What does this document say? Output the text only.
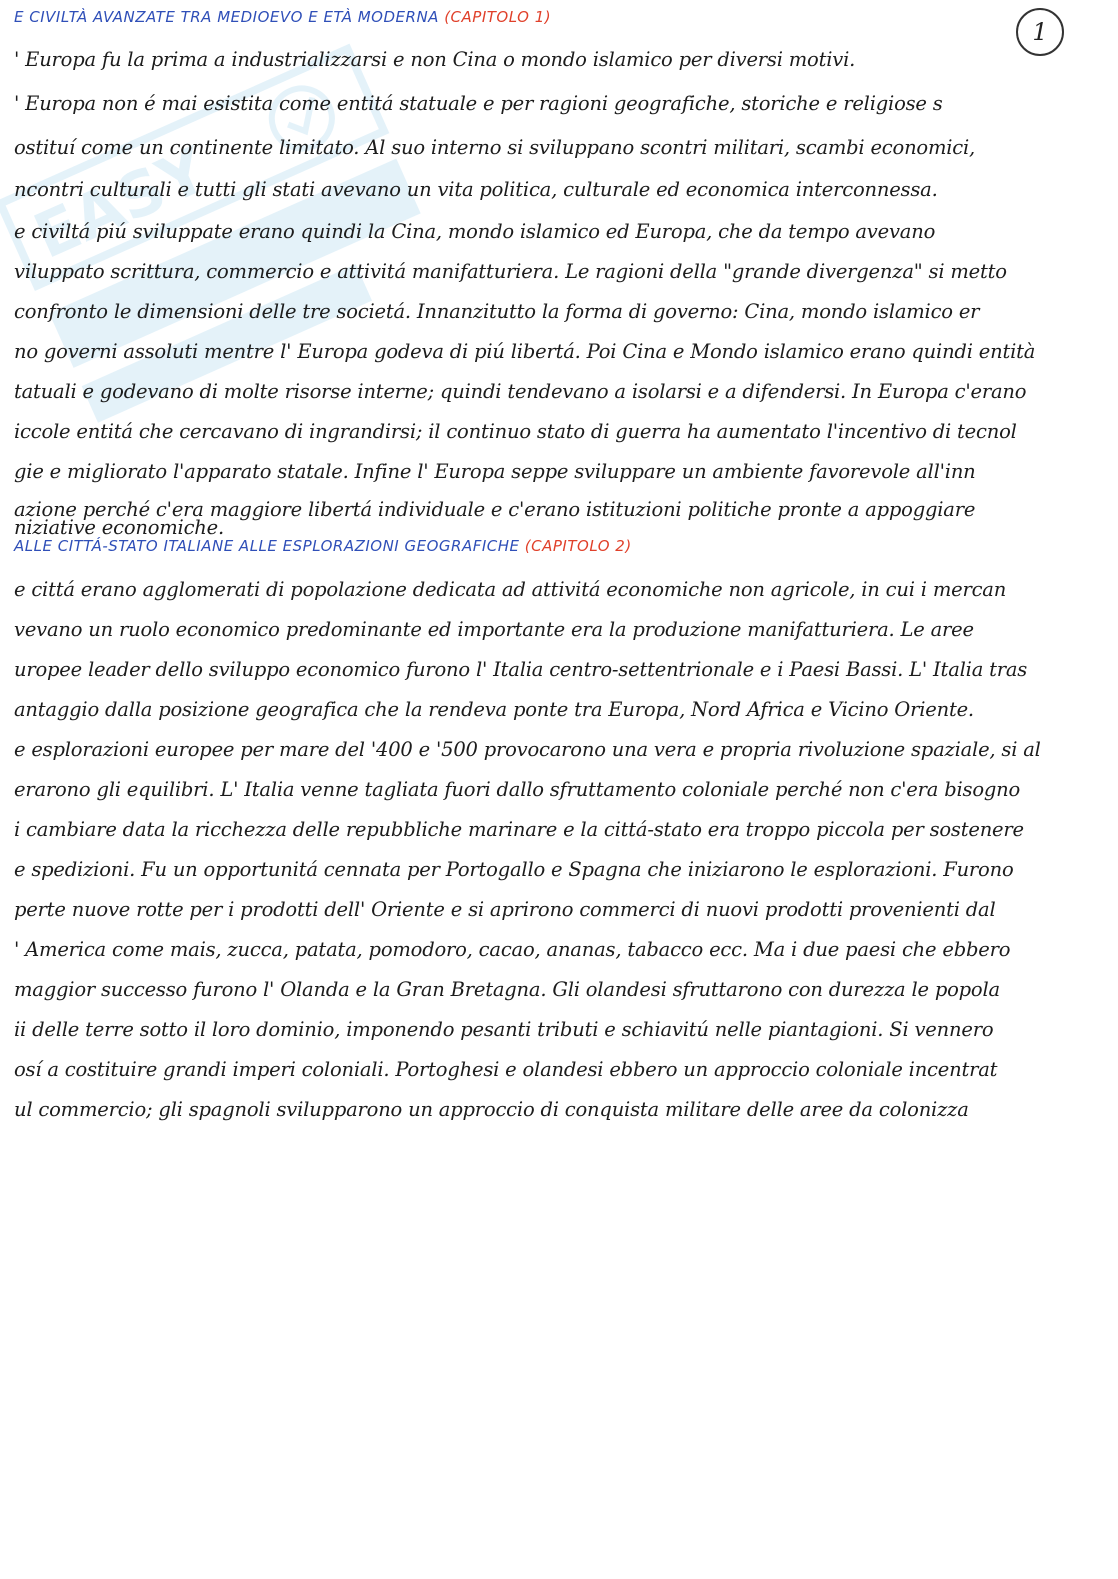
EASY
1
E CIVILTÀ AVANZATE TRA MEDIOEVO E ETÀ MODERNA (CAPITOLO 1)
' Europa fu la prima a industrializzarsi e non Cina o mondo islamico per diversi motivi.
' Europa non é mai esistita come entitá statuale e per ragioni geografiche, storiche e religiose s
ostituí come un continente limitato. Al suo interno si sviluppano scontri militari, scambi economici,
ncontri culturali e tutti gli stati avevano un vita politica, culturale ed economica interconnessa.
e civiltá piú sviluppate erano quindi la Cina, mondo islamico ed Europa, che da tempo avevano
viluppato scrittura, commercio e attivitá manifatturiera. Le ragioni della "grande divergenza" si metto
confronto le dimensioni delle tre societá. Innanzitutto la forma di governo: Cina, mondo islamico er
no governi assoluti mentre l' Europa godeva di piú libertá. Poi Cina e Mondo islamico erano quindi entità
tatuali e godevano di molte risorse interne; quindi tendevano a isolarsi e a difendersi. In Europa c'erano
iccole entitá che cercavano di ingrandirsi; il continuo stato di guerra ha aumentato l'incentivo di tecnol
gie e migliorato l'apparato statale. Infine l' Europa seppe sviluppare un ambiente favorevole all'inn
azione perché c'era maggiore libertá individuale e c'erano istituzioni politiche pronte a appoggiare
niziative economiche.
ALLE CITTÁ-STATO ITALIANE ALLE ESPLORAZIONI GEOGRAFICHE (CAPITOLO 2)
e cittá erano agglomerati di popolazione dedicata ad attivitá economiche non agricole, in cui i mercan
vevano un ruolo economico predominante ed importante era la produzione manifatturiera. Le aree
uropee leader dello sviluppo economico furono l' Italia centro-settentrionale e i Paesi Bassi. L' Italia tras
antaggio dalla posizione geografica che la rendeva ponte tra Europa, Nord Africa e Vicino Oriente.
e esplorazioni europee per mare del '400 e '500 provocarono una vera e propria rivoluzione spaziale, si al
erarono gli equilibri. L' Italia venne tagliata fuori dallo sfruttamento coloniale perché non c'era bisogno
i cambiare data la ricchezza delle repubbliche marinare e la cittá-stato era troppo piccola per sostenere
e spedizioni. Fu un opportunitá cennata per Portogallo e Spagna che iniziarono le esplorazioni. Furono
perte nuove rotte per i prodotti dell' Oriente e si aprirono commerci di nuovi prodotti provenienti dal
' America come mais, zucca, patata, pomodoro, cacao, ananas, tabacco ecc. Ma i due paesi che ebbero
maggior successo furono l' Olanda e la Gran Bretagna. Gli olandesi sfruttarono con durezza le popola
ii delle terre sotto il loro dominio, imponendo pesanti tributi e schiavitú nelle piantagioni. Si vennero
osí a costituire grandi imperi coloniali. Portoghesi e olandesi ebbero un approccio coloniale incentrat
ul commercio; gli spagnoli svilupparono un approccio di conquista militare delle aree da colonizza
